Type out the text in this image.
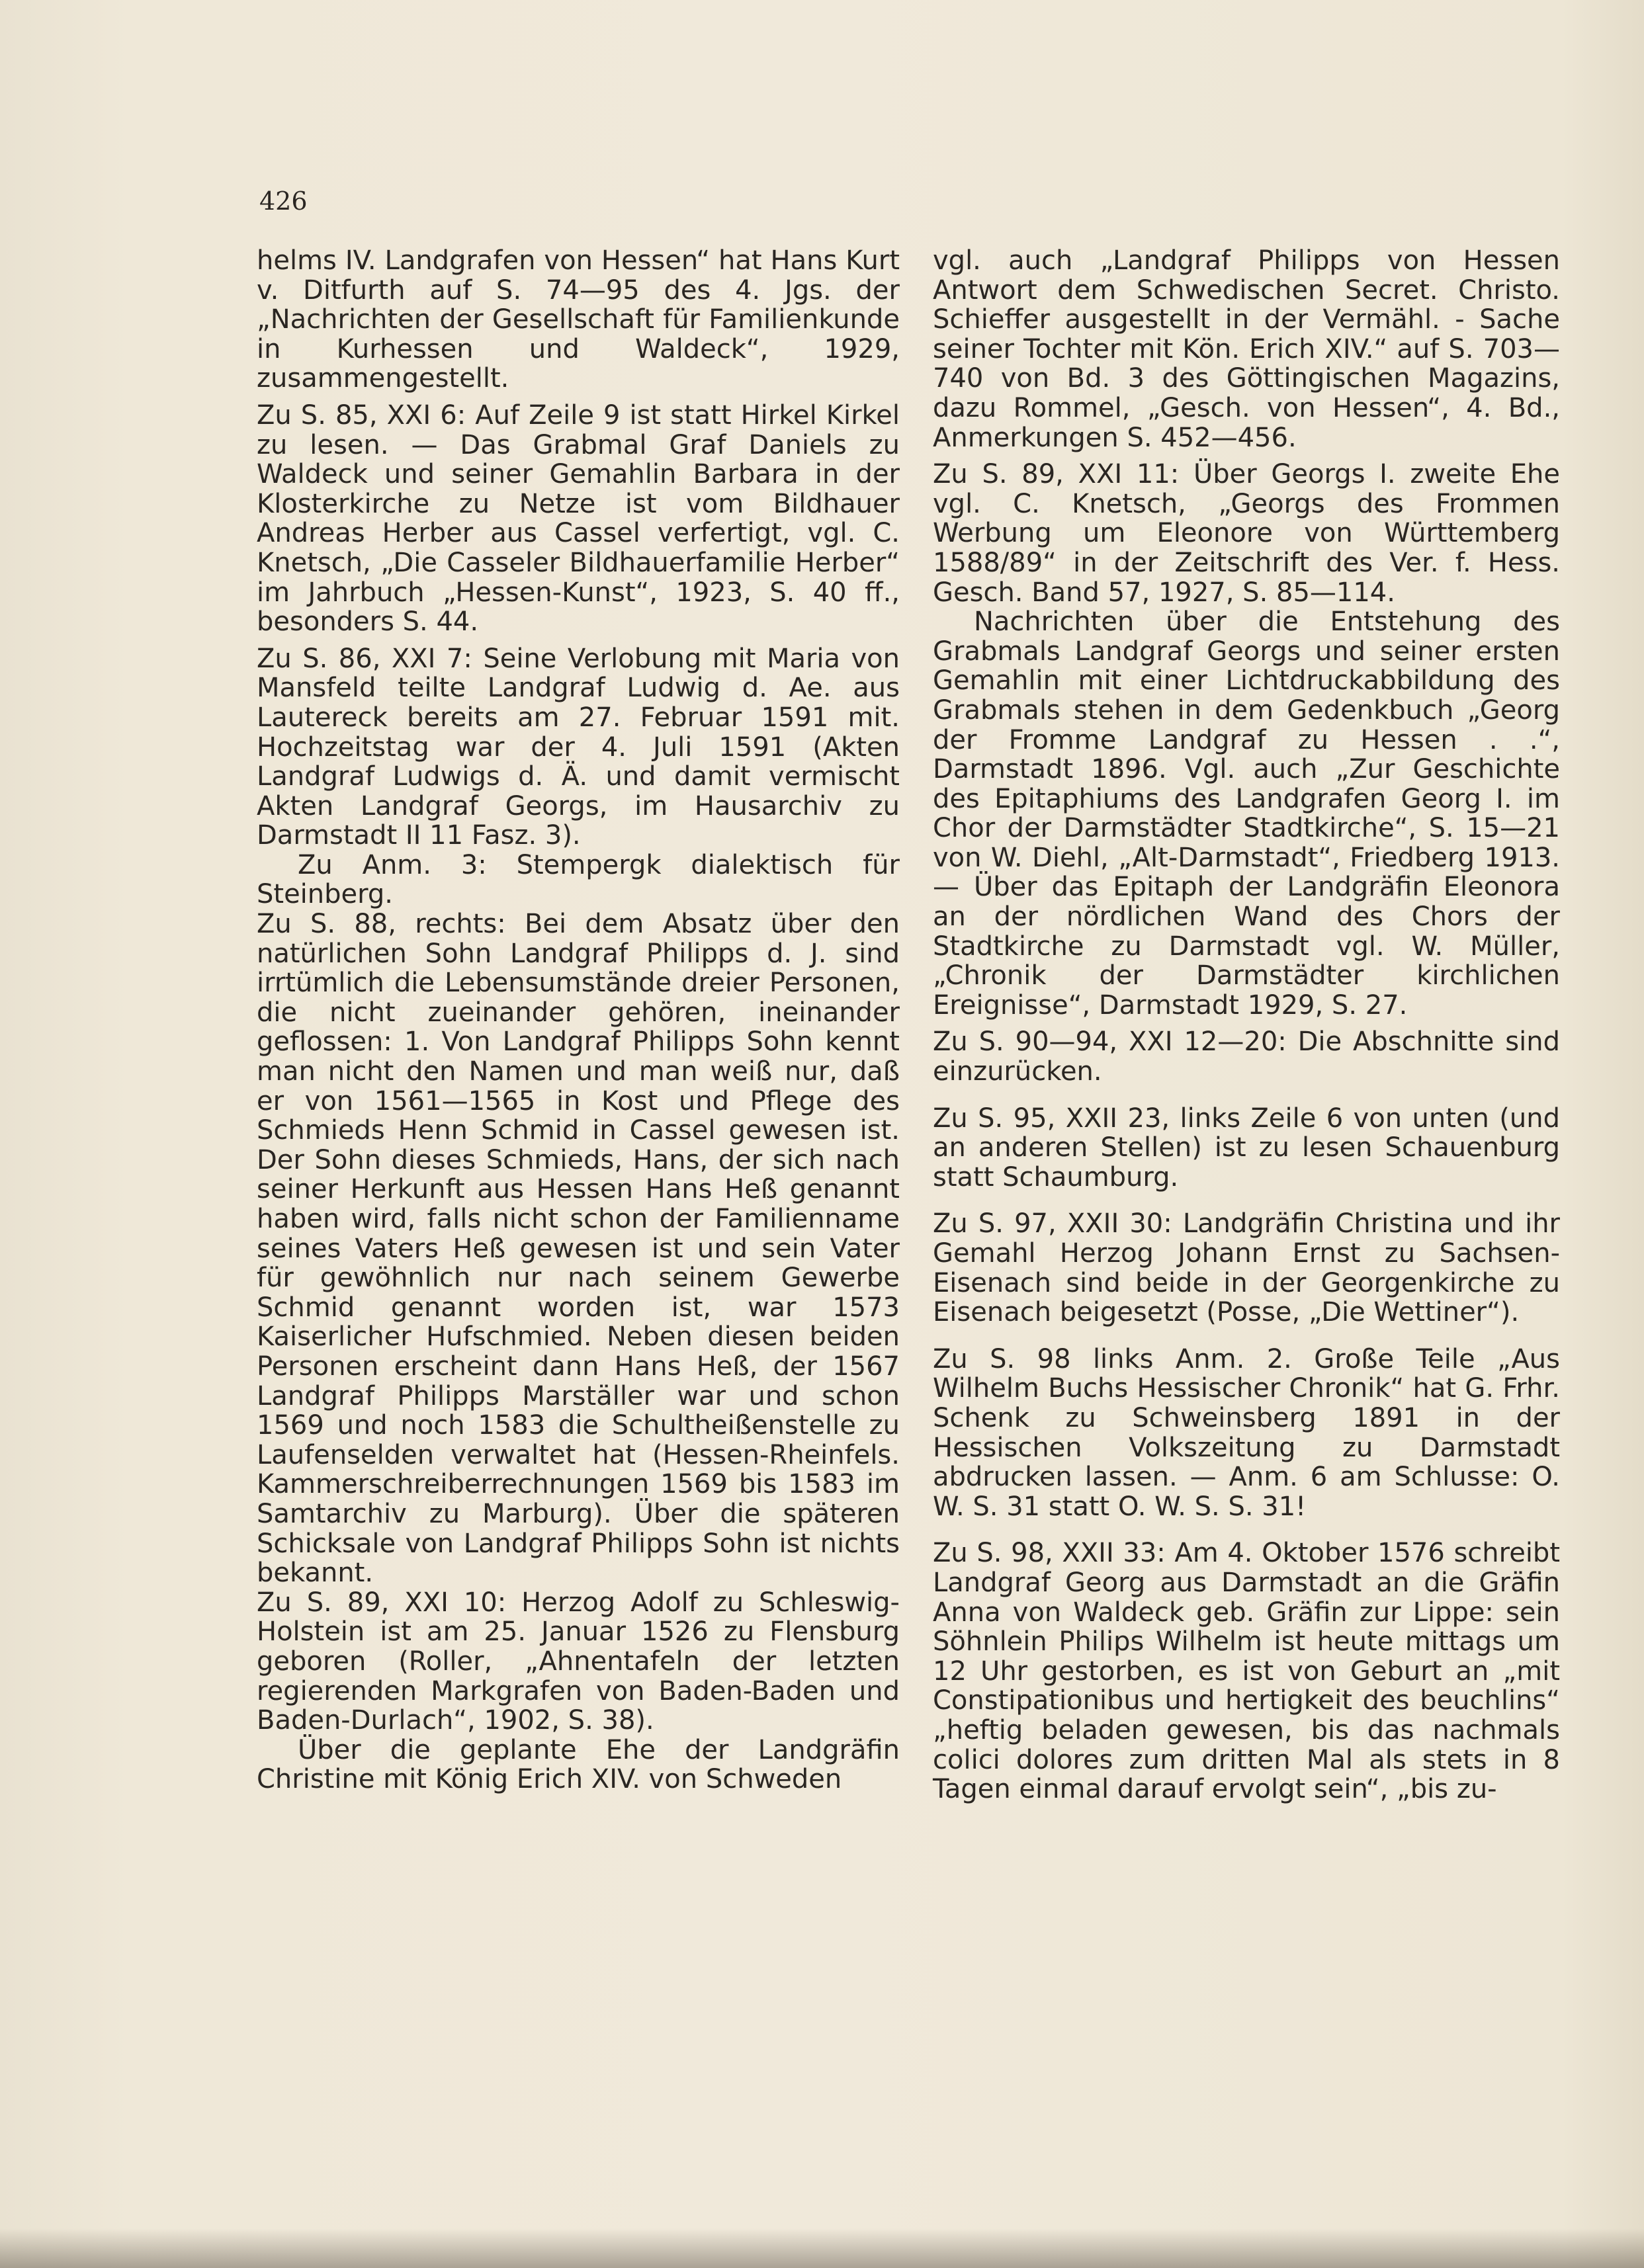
426

helms IV. Landgrafen von Hessen“ hat Hans Kurt v. Ditfurth auf S. 74—95 des 4. Jgs. der „Nachrichten der Gesellschaft für Familienkunde in Kurhessen und Waldeck“, 1929, zusammengestellt.

Zu S. 85, XXI 6: Auf Zeile 9 ist statt Hirkel Kirkel zu lesen. — Das Grabmal Graf Daniels zu Waldeck und seiner Gemahlin Barbara in der Klosterkirche zu Netze ist vom Bildhauer Andreas Herber aus Cassel verfertigt, vgl. C. Knetsch, „Die Casseler Bildhauerfamilie Herber“ im Jahrbuch „Hessen-Kunst“, 1923, S. 40 ff., besonders S. 44.

Zu S. 86, XXI 7: Seine Verlobung mit Maria von Mansfeld teilte Landgraf Ludwig d. Ae. aus Lautereck bereits am 27. Februar 1591 mit. Hochzeitstag war der 4. Juli 1591 (Akten Landgraf Ludwigs d. Ä. und damit vermischt Akten Landgraf Georgs, im Hausarchiv zu Darmstadt II 11 Fasz. 3).

Zu Anm. 3: Stempergk dialektisch für Steinberg.

Zu S. 88, rechts: Bei dem Absatz über den natürlichen Sohn Landgraf Philipps d. J. sind irrtümlich die Lebensumstände dreier Personen, die nicht zueinander gehören, ineinander geflossen: 1. Von Landgraf Philipps Sohn kennt man nicht den Namen und man weiß nur, daß er von 1561—1565 in Kost und Pflege des Schmieds Henn Schmid in Cassel gewesen ist. Der Sohn dieses Schmieds, Hans, der sich nach seiner Herkunft aus Hessen Hans Heß genannt haben wird, falls nicht schon der Familienname seines Vaters Heß gewesen ist und sein Vater für gewöhnlich nur nach seinem Gewerbe Schmid genannt worden ist, war 1573 Kaiserlicher Hufschmied. Neben diesen beiden Personen erscheint dann Hans Heß, der 1567 Landgraf Philipps Marställer war und schon 1569 und noch 1583 die Schultheißenstelle zu Laufenselden verwaltet hat (Hessen-Rheinfels. Kammerschreiberrechnungen 1569 bis 1583 im Samtarchiv zu Marburg). Über die späteren Schicksale von Landgraf Philipps Sohn ist nichts bekannt.

Zu S. 89, XXI 10: Herzog Adolf zu Schleswig-Holstein ist am 25. Januar 1526 zu Flensburg geboren (Roller, „Ahnentafeln der letzten regierenden Markgrafen von Baden-Baden und Baden-Durlach“, 1902, S. 38).

Über die geplante Ehe der Landgräfin Christine mit König Erich XIV. von Schweden

vgl. auch „Landgraf Philipps von Hessen Antwort dem Schwedischen Secret. Christo. Schieffer ausgestellt in der Vermähl. - Sache seiner Tochter mit Kön. Erich XIV.“ auf S. 703—740 von Bd. 3 des Göttingischen Magazins, dazu Rommel, „Gesch. von Hessen“, 4. Bd., Anmerkungen S. 452—456.

Zu S. 89, XXI 11: Über Georgs I. zweite Ehe vgl. C. Knetsch, „Georgs des Frommen Werbung um Eleonore von Württemberg 1588/89“ in der Zeitschrift des Ver. f. Hess. Gesch. Band 57, 1927, S. 85—114.

Nachrichten über die Entstehung des Grabmals Landgraf Georgs und seiner ersten Gemahlin mit einer Lichtdruckabbildung des Grabmals stehen in dem Gedenkbuch „Georg der Fromme Landgraf zu Hessen . .“, Darmstadt 1896. Vgl. auch „Zur Geschichte des Epitaphiums des Landgrafen Georg I. im Chor der Darmstädter Stadtkirche“, S. 15—21 von W. Diehl, „Alt-Darmstadt“, Friedberg 1913. — Über das Epitaph der Landgräfin Eleonora an der nördlichen Wand des Chors der Stadtkirche zu Darmstadt vgl. W. Müller, „Chronik der Darmstädter kirchlichen Ereignisse“, Darmstadt 1929, S. 27.

Zu S. 90—94, XXI 12—20: Die Abschnitte sind einzurücken.

Zu S. 95, XXII 23, links Zeile 6 von unten (und an anderen Stellen) ist zu lesen Schauenburg statt Schaumburg.

Zu S. 97, XXII 30: Landgräfin Christina und ihr Gemahl Herzog Johann Ernst zu Sachsen-Eisenach sind beide in der Georgenkirche zu Eisenach beigesetzt (Posse, „Die Wettiner“).

Zu S. 98 links Anm. 2. Große Teile „Aus Wilhelm Buchs Hessischer Chronik“ hat G. Frhr. Schenk zu Schweinsberg 1891 in der Hessischen Volkszeitung zu Darmstadt abdrucken lassen. — Anm. 6 am Schlusse: O. W. S. 31 statt O. W. S. S. 31!

Zu S. 98, XXII 33: Am 4. Oktober 1576 schreibt Landgraf Georg aus Darmstadt an die Gräfin Anna von Waldeck geb. Gräfin zur Lippe: sein Söhnlein Philips Wilhelm ist heute mittags um 12 Uhr gestorben, es ist von Geburt an „mit Constipationibus und hertigkeit des beuchlins“ „heftig beladen gewesen, bis das nachmals colici dolores zum dritten Mal als stets in 8 Tagen einmal darauf ervolgt sein“, „bis zu-
